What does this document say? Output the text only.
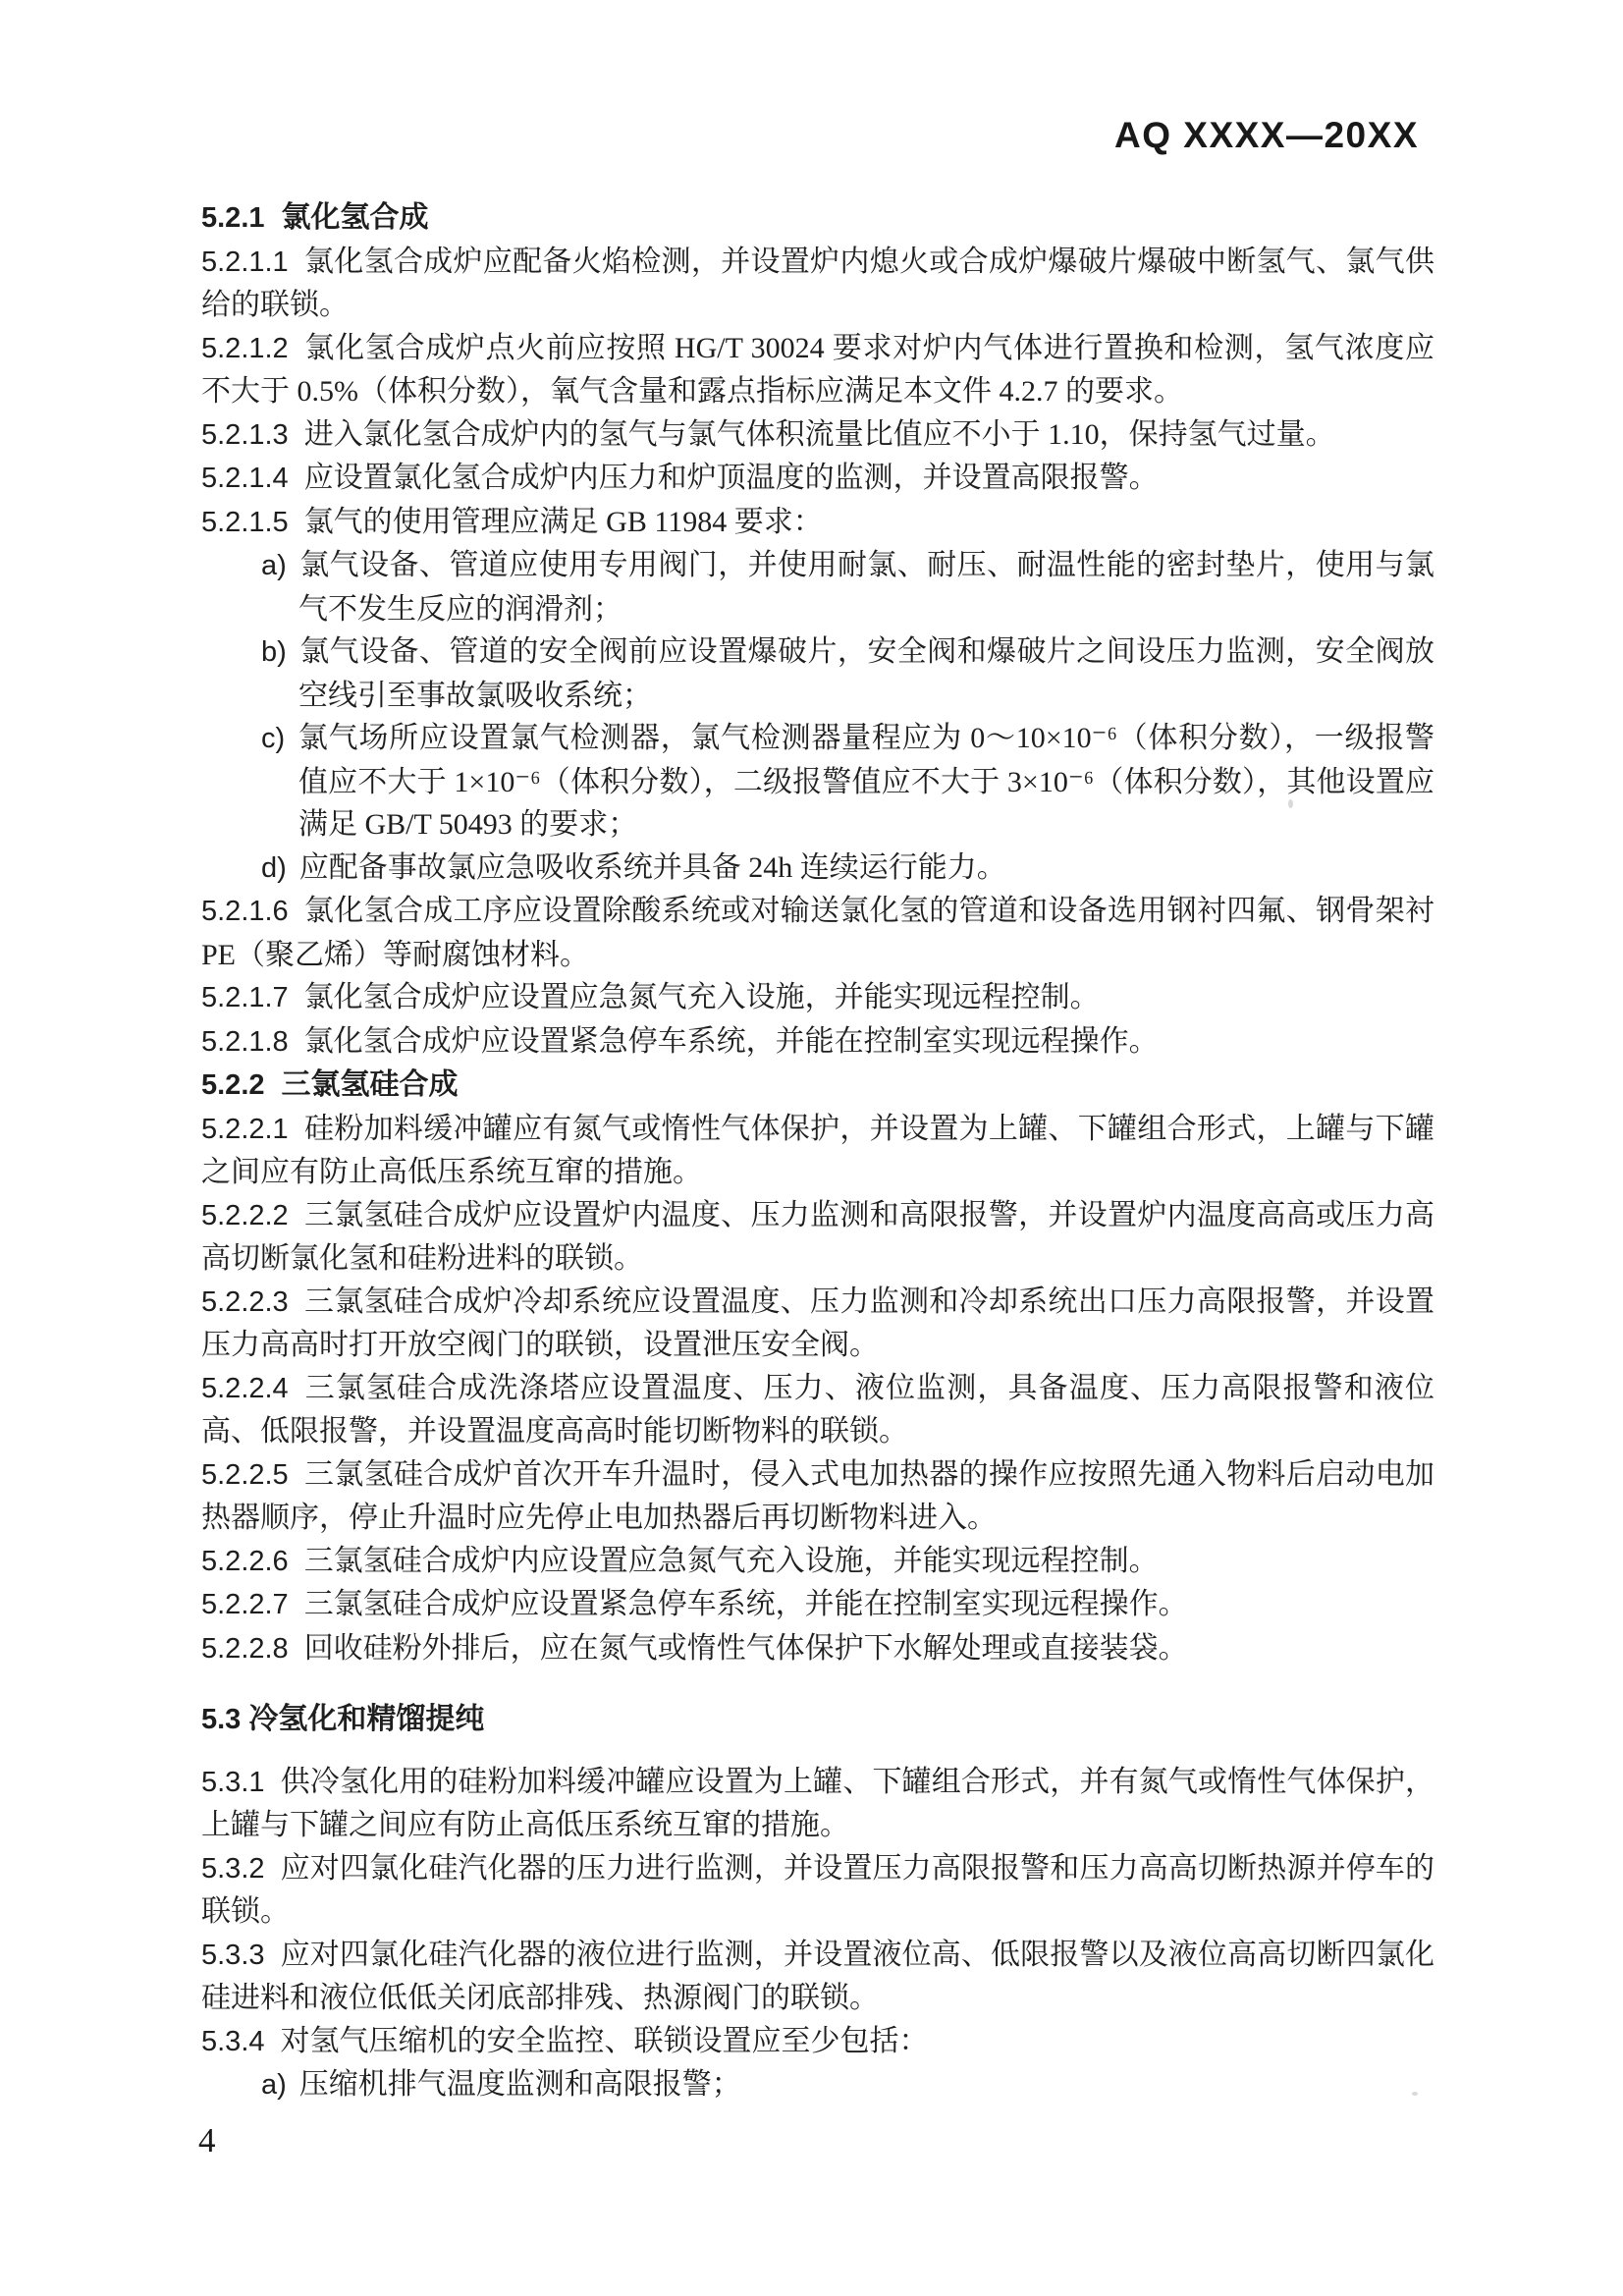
AQ XXXX—20XX

5.2.1 氯化氢合成

5.2.1.1 氯化氢合成炉应配备火焰检测，并设置炉内熄火或合成炉爆破片爆破中断氢气、氯气供给的联锁。

5.2.1.2 氯化氢合成炉点火前应按照 HG/T 30024 要求对炉内气体进行置换和检测，氢气浓度应不大于 0.5%（体积分数），氧气含量和露点指标应满足本文件 4.2.7 的要求。

5.2.1.3 进入氯化氢合成炉内的氢气与氯气体积流量比值应不小于 1.10，保持氢气过量。

5.2.1.4 应设置氯化氢合成炉内压力和炉顶温度的监测，并设置高限报警。

5.2.1.5 氯气的使用管理应满足 GB 11984 要求：

a) 氯气设备、管道应使用专用阀门，并使用耐氯、耐压、耐温性能的密封垫片，使用与氯气不发生反应的润滑剂；

b) 氯气设备、管道的安全阀前应设置爆破片，安全阀和爆破片之间设压力监测，安全阀放空线引至事故氯吸收系统；

c) 氯气场所应设置氯气检测器，氯气检测器量程应为 0～10×10⁻⁶（体积分数），一级报警值应不大于 1×10⁻⁶（体积分数），二级报警值应不大于 3×10⁻⁶（体积分数），其他设置应满足 GB/T 50493 的要求；

d) 应配备事故氯应急吸收系统并具备 24h 连续运行能力。

5.2.1.6 氯化氢合成工序应设置除酸系统或对输送氯化氢的管道和设备选用钢衬四氟、钢骨架衬 PE（聚乙烯）等耐腐蚀材料。

5.2.1.7 氯化氢合成炉应设置应急氮气充入设施，并能实现远程控制。

5.2.1.8 氯化氢合成炉应设置紧急停车系统，并能在控制室实现远程操作。

5.2.2 三氯氢硅合成

5.2.2.1 硅粉加料缓冲罐应有氮气或惰性气体保护，并设置为上罐、下罐组合形式，上罐与下罐之间应有防止高低压系统互窜的措施。

5.2.2.2 三氯氢硅合成炉应设置炉内温度、压力监测和高限报警，并设置炉内温度高高或压力高高切断氯化氢和硅粉进料的联锁。

5.2.2.3 三氯氢硅合成炉冷却系统应设置温度、压力监测和冷却系统出口压力高限报警，并设置压力高高时打开放空阀门的联锁，设置泄压安全阀。

5.2.2.4 三氯氢硅合成洗涤塔应设置温度、压力、液位监测，具备温度、压力高限报警和液位高、低限报警，并设置温度高高时能切断物料的联锁。

5.2.2.5 三氯氢硅合成炉首次开车升温时，侵入式电加热器的操作应按照先通入物料后启动电加热器顺序，停止升温时应先停止电加热器后再切断物料进入。

5.2.2.6 三氯氢硅合成炉内应设置应急氮气充入设施，并能实现远程控制。

5.2.2.7 三氯氢硅合成炉应设置紧急停车系统，并能在控制室实现远程操作。

5.2.2.8 回收硅粉外排后，应在氮气或惰性气体保护下水解处理或直接装袋。

5.3 冷氢化和精馏提纯

5.3.1 供冷氢化用的硅粉加料缓冲罐应设置为上罐、下罐组合形式，并有氮气或惰性气体保护，上罐与下罐之间应有防止高低压系统互窜的措施。

5.3.2 应对四氯化硅汽化器的压力进行监测，并设置压力高限报警和压力高高切断热源并停车的联锁。

5.3.3 应对四氯化硅汽化器的液位进行监测，并设置液位高、低限报警以及液位高高切断四氯化硅进料和液位低低关闭底部排残、热源阀门的联锁。

5.3.4 对氢气压缩机的安全监控、联锁设置应至少包括：

a) 压缩机排气温度监测和高限报警；

4
